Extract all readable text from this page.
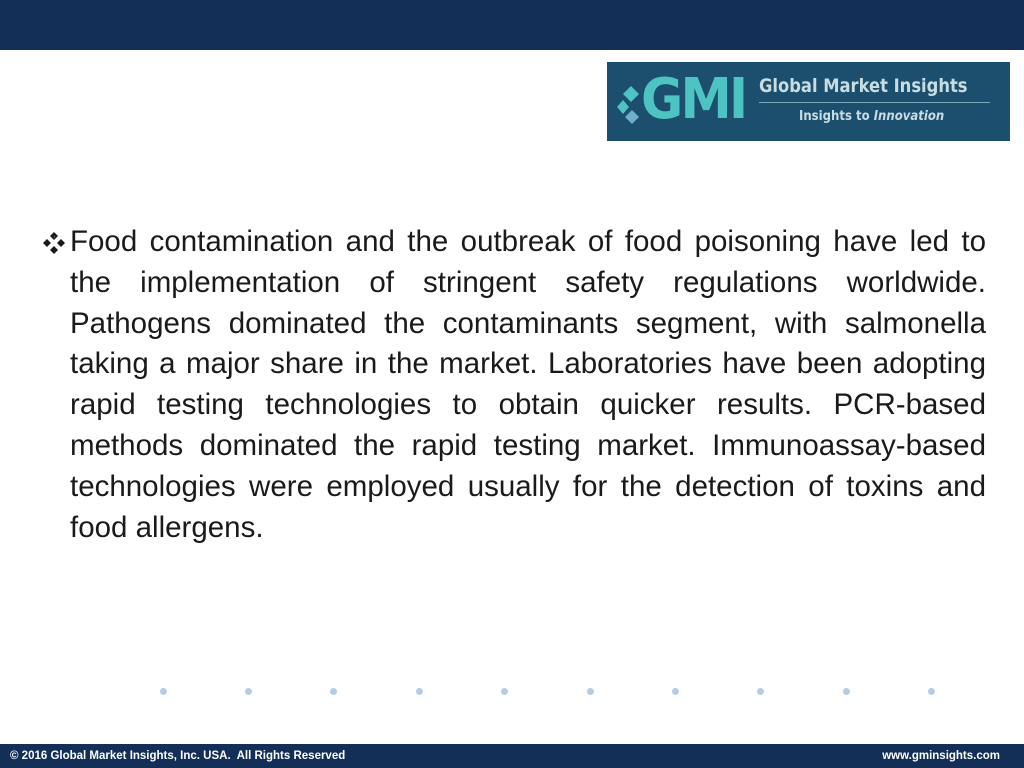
GMI Global Market Insights
Insights to Innovation

Food contamination and the outbreak of food poisoning have led to the implementation of stringent safety regulations worldwide. Pathogens dominated the contaminants segment, with salmonella taking a major share in the market. Laboratories have been adopting rapid testing technologies to obtain quicker results. PCR-based methods dominated the rapid testing market. Immunoassay-based technologies were employed usually for the detection of toxins and food allergens.

© 2016 Global Market Insights, Inc. USA.  All Rights Reserved	www.gminsights.com
